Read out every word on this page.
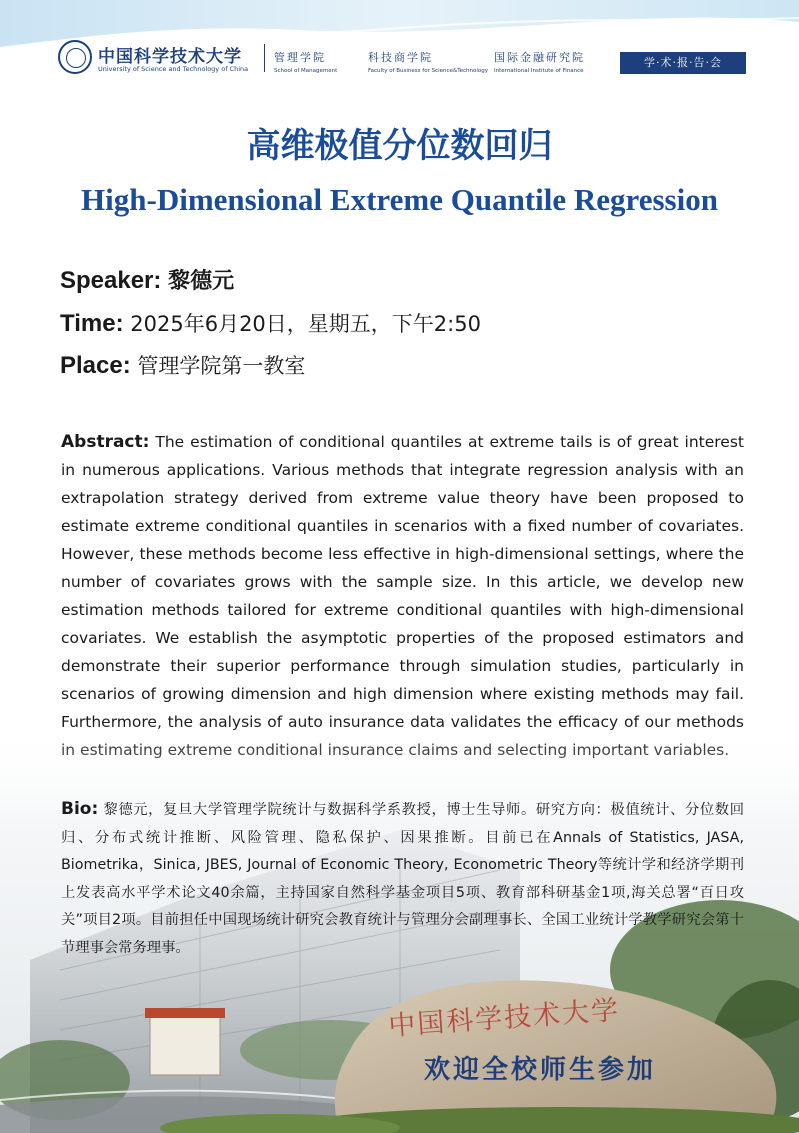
中国科学技术大学
University of Science and Technology of China
管理学院
School of Management
科技商学院
Faculty of Business for Science&Technology
国际金融研究院
International Institute of Finance
学·术·报·告·会
高维极值分位数回归
High-Dimensional Extreme Quantile Regression
Speaker: 黎德元
Time: 2025年6月20日，星期五，下午2:50
Place: 管理学院第一教室
Abstract: The estimation of conditional quantiles at extreme tails is of great interest in numerous applications. Various methods that integrate regression analysis with an extrapolation strategy derived from extreme value theory have been proposed to estimate extreme conditional quantiles in scenarios with a fixed number of covariates. However, these methods become less effective in high-dimensional settings, where the number of covariates grows with the sample size. In this article, we develop new estimation methods tailored for extreme conditional quantiles with high-dimensional covariates. We establish the asymptotic properties of the proposed estimators and demonstrate their superior performance through simulation studies, particularly in scenarios of growing dimension and high dimension where existing methods may fail.
中国科学技术大学
欢迎全校师生参加
Bio: 黎德元，复旦大学管理学院统计与数据科学系教授，博士生导师。研究方向：极值统计、分位数回归、分布式统计推断、风险管理、隐私保护、因果推断。目前已在Annals of Statistics, JASA, Biometrika，Sinica, JBES, Journal of Economic Theory, Econometric Theory等统计学和经济学期刊上发表高水平学术论文40余篇，主持国家自然科学基金项目5项、教育部科研基金1项,海关总署“百日攻关”项目2项。目前担任中国现场统计研究会教育统计与管理分会副理事长、全国工业统计学教学研究会第十节理事会常务理事。
